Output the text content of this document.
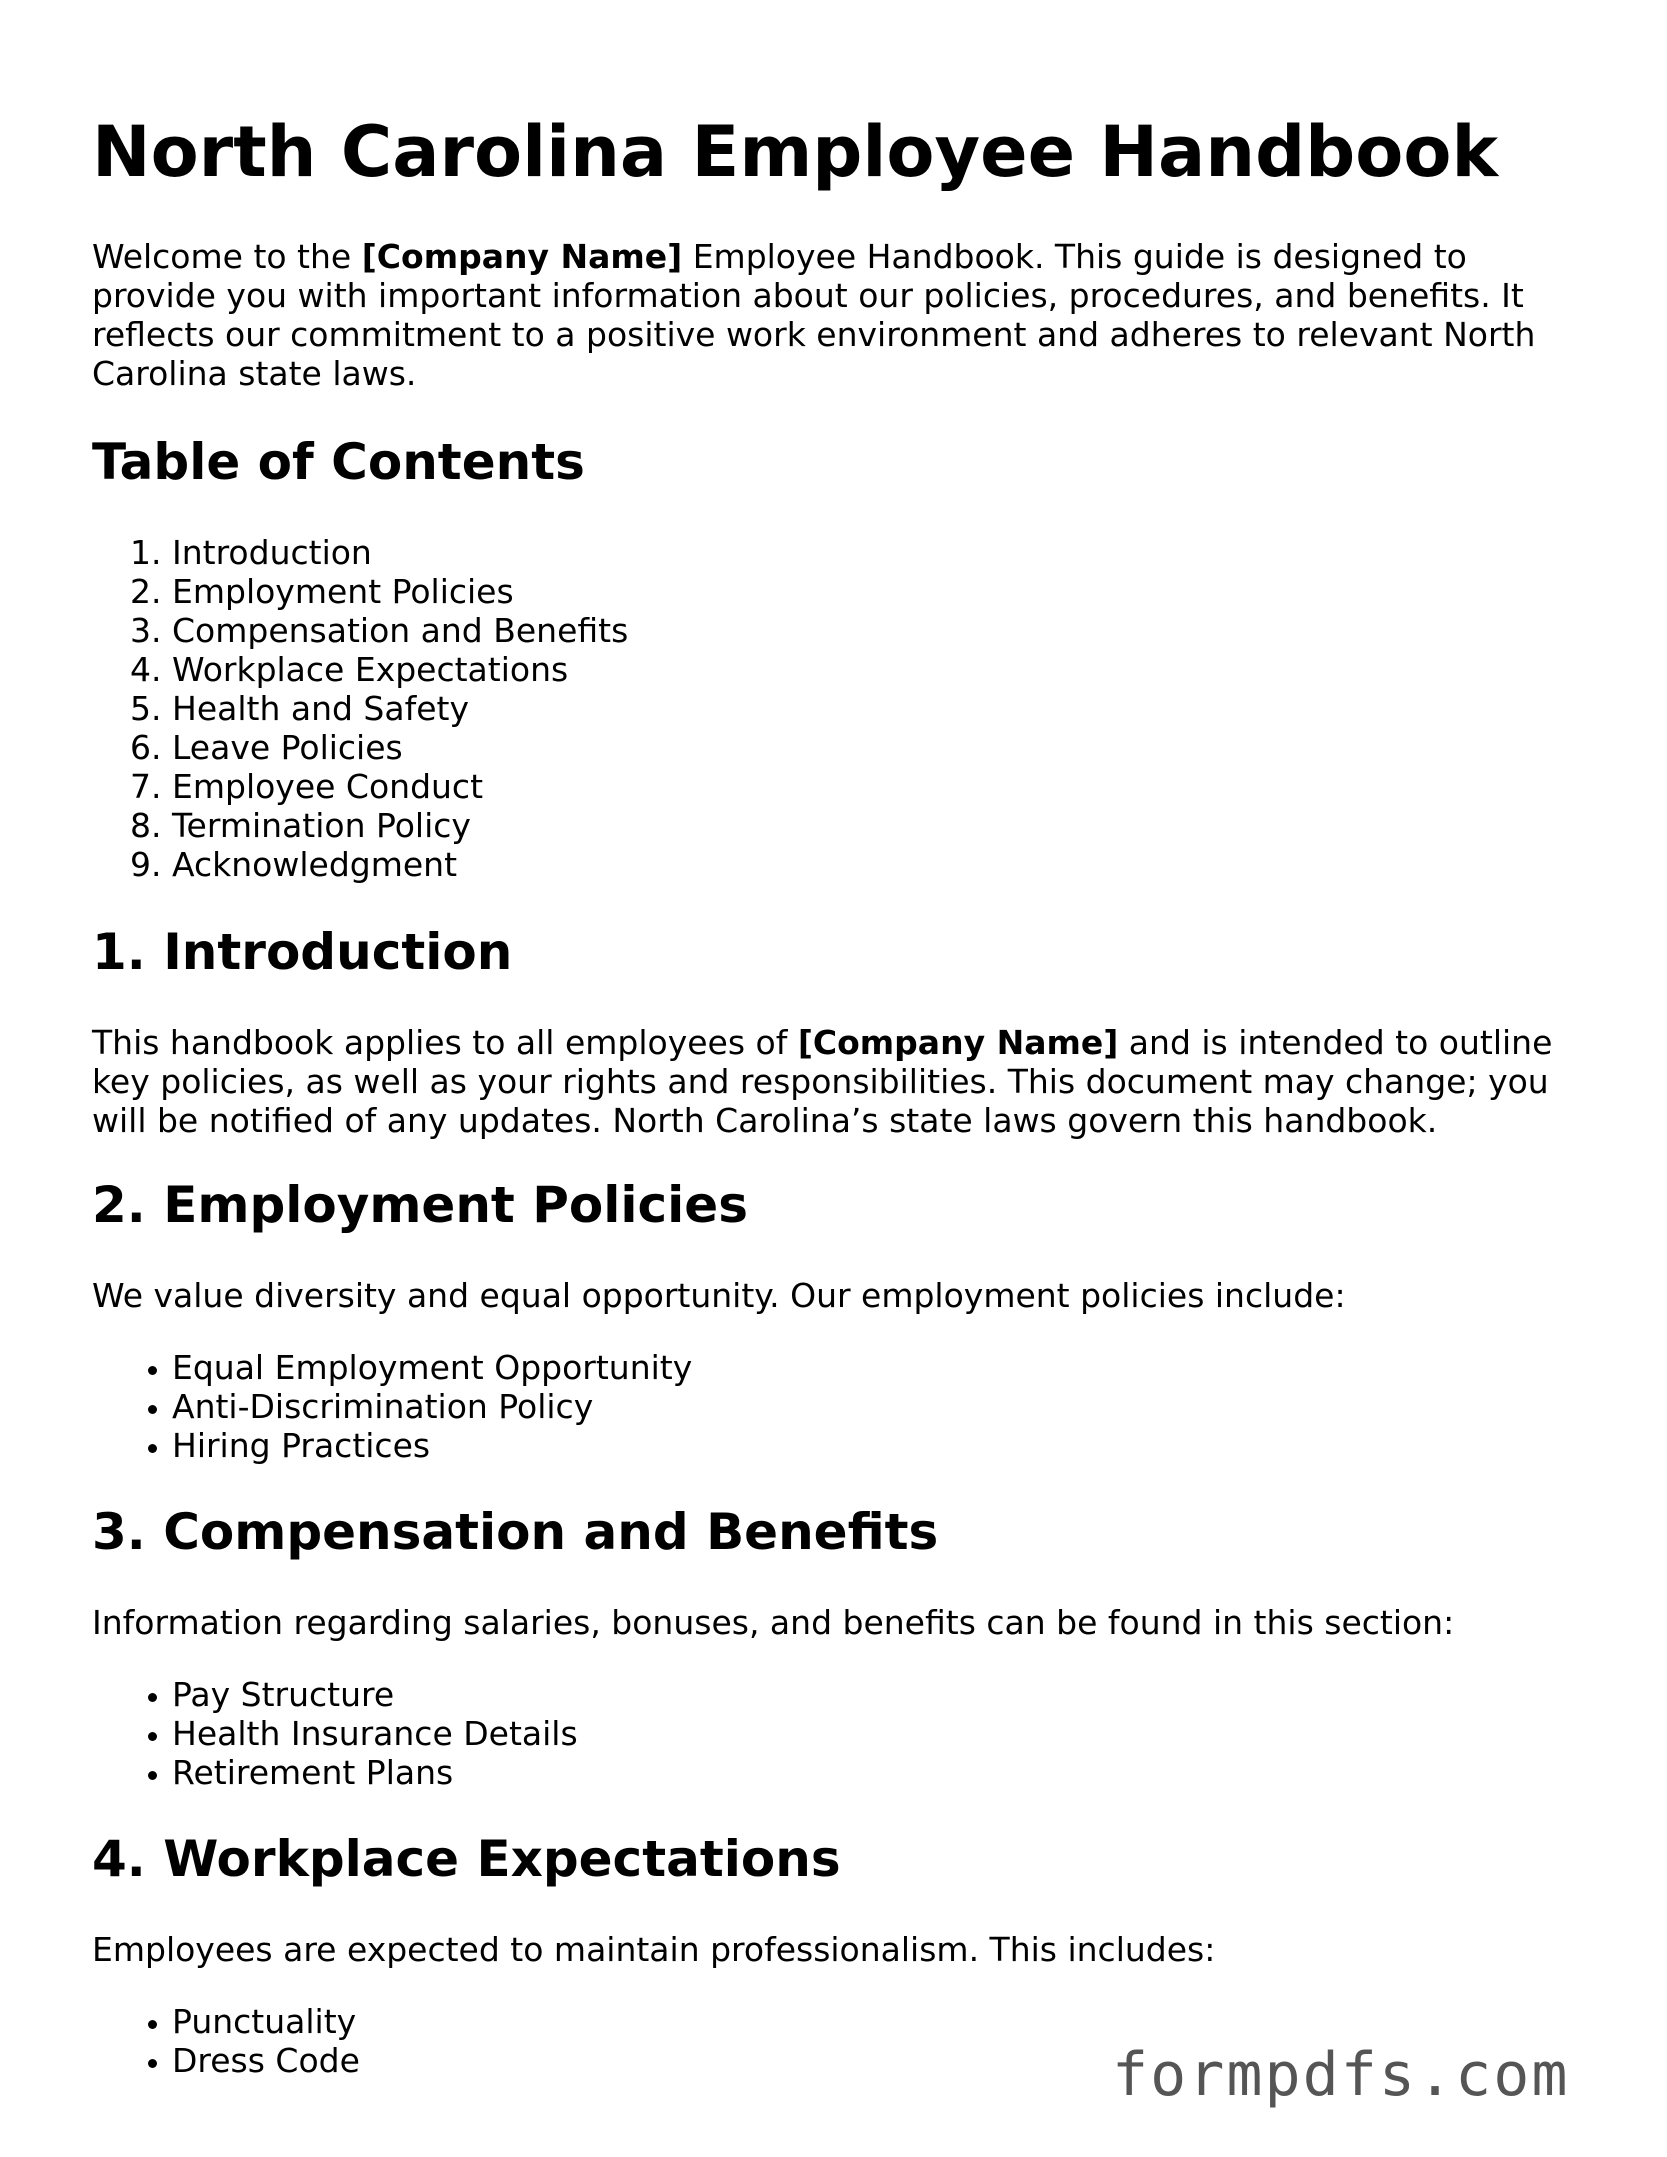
North Carolina Employee Handbook

Welcome to the [Company Name] Employee Handbook. This guide is designed to provide you with important information about our policies, procedures, and benefits. It reflects our commitment to a positive work environment and adheres to relevant North Carolina state laws.

Table of Contents
1. Introduction
2. Employment Policies
3. Compensation and Benefits
4. Workplace Expectations
5. Health and Safety
6. Leave Policies
7. Employee Conduct
8. Termination Policy
9. Acknowledgment
1. Introduction

This handbook applies to all employees of [Company Name] and is intended to outline key policies, as well as your rights and responsibilities. This document may change; you will be notified of any updates. North Carolina’s state laws govern this handbook.

2. Employment Policies

We value diversity and equal opportunity. Our employment policies include:

• Equal Employment Opportunity
• Anti-Discrimination Policy
• Hiring Practices
3. Compensation and Benefits

Information regarding salaries, bonuses, and benefits can be found in this section:

• Pay Structure
• Health Insurance Details
• Retirement Plans
4. Workplace Expectations

Employees are expected to maintain professionalism. This includes:

• Punctuality
• Dress Code	formpdfs.com
